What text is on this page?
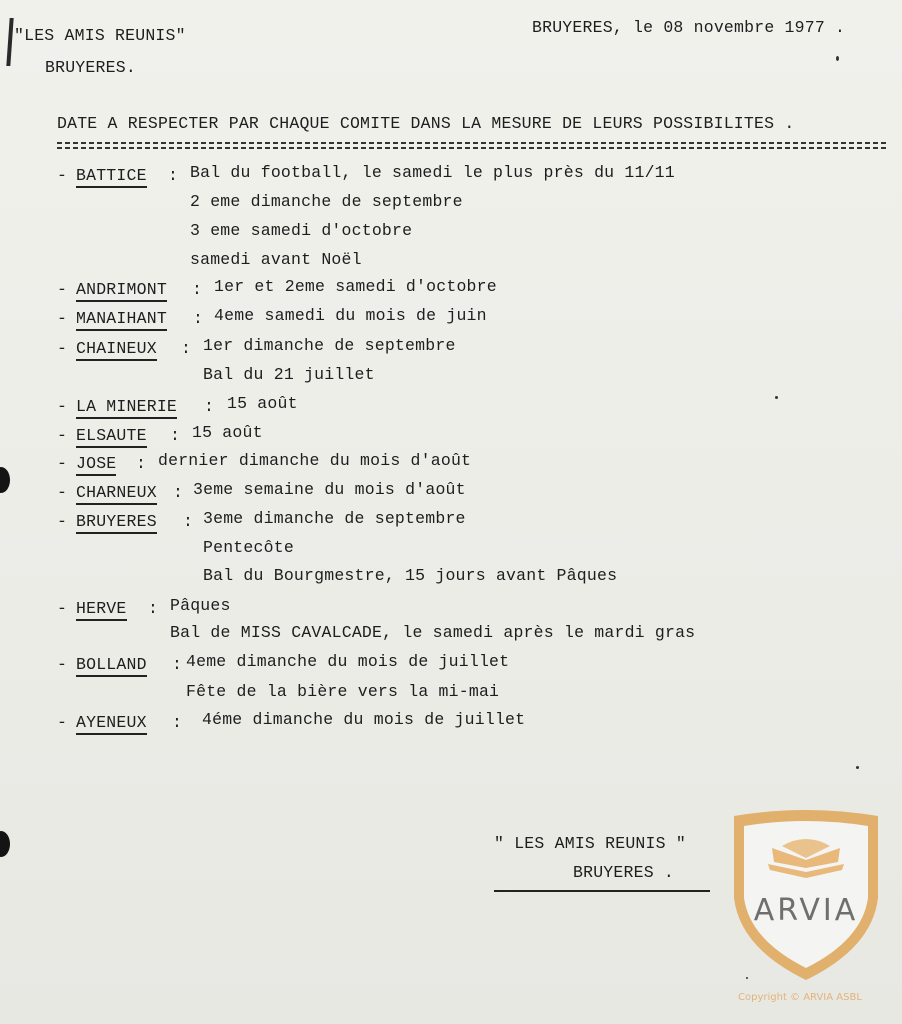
"LES AMIS REUNIS"
BRUYERES.
BRUYERES, le 08 novembre 1977 .
DATE A RESPECTER PAR CHAQUE COMITE DANS LA MESURE DE LEURS POSSIBILITES .
- BATTICE : Bal du football, le samedi le plus près du 11/11
2 eme dimanche de septembre
3 eme samedi d'octobre
samedi avant Noël
- ANDRIMONT : 1er et 2eme samedi d'octobre
- MANAIHANT : 4eme samedi du mois de juin
- CHAINEUX : 1er dimanche de septembre
Bal du 21 juillet
- LA MINERIE : 15 août
- ELSAUTE : 15 août
- JOSE : dernier dimanche du mois d'août
- CHARNEUX : 3eme semaine du mois d'août
- BRUYERES : 3eme dimanche de septembre
Pentecôte
Bal du Bourgmestre, 15 jours avant Pâques
- HERVE : Pâques
Bal de MISS CAVALCADE, le samedi après le mardi gras
- BOLLAND : 4eme dimanche du mois de juillet
Fête de la bière vers la mi-mai
- AYENEUX : 4éme dimanche du mois de juillet
" LES AMIS REUNIS "
BRUYERES .
ARVIA
Copyright © ARVIA ASBL
